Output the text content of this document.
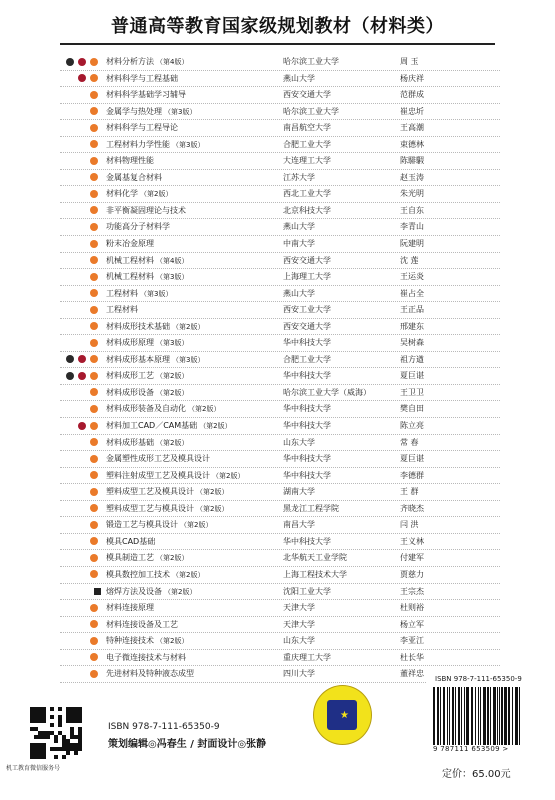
普通高等教育国家级规划教材（材料类）
材料分析方法 （第4版）	哈尔滨工业大学	周 玉
材料科学与工程基础	燕山大学	杨庆祥
材料科学基础学习辅导	西安交通大学	范群成
金属学与热处理 （第3版）	哈尔滨工业大学	崔忠圻
材料科学与工程导论	南昌航空大学	王高潮
工程材料力学性能 （第3版）	合肥工业大学	束德林
材料物理性能	大连理工大学	陈騑騢
金属基复合材料	江苏大学	赵玉涛
材料化学 （第2版）	西北工业大学	朱光明
非平衡凝固理论与技术	北京科技大学	王自东
功能高分子材料学	燕山大学	李青山
粉末冶金原理	中南大学	阮建明
机械工程材料 （第4版）	西安交通大学	沈 莲
机械工程材料 （第3版）	上海理工大学	王运炎
工程材料 （第3版）	燕山大学	崔占全
工程材料	西安工业大学	王正品
材料成形技术基础 （第2版）	西安交通大学	邢建东
材料成形原理 （第3版）	华中科技大学	吴树森
材料成形基本原理 （第3版）	合肥工业大学	祖方遒
材料成形工艺 （第2版）	华中科技大学	夏巨谌
材料成形设备 （第2版）	哈尔滨工业大学（威海）	王卫卫
材料成形装备及自动化 （第2版）	华中科技大学	樊自田
材料加工CAD／CAM基础 （第2版）	华中科技大学	陈立亮
材料成形基础 （第2版）	山东大学	常 春
金属塑性成形工艺及模具设计	华中科技大学	夏巨谌
塑料注射成型工艺及模具设计 （第2版）	华中科技大学	李德群
塑料成型工艺及模具设计 （第2版）	湖南大学	王 群
塑料成型工艺与模具设计 （第2版）	黑龙江工程学院	齐晓杰
锻造工艺与模具设计 （第2版）	南昌大学	闫 洪
模具CAD基础	华中科技大学	王义林
模具制造工艺 （第2版）	北华航天工业学院	付建军
模具数控加工技术 （第2版）	上海工程技术大学	贾慈力
熔焊方法及设备 （第2版）	沈阳工业大学	王宗杰
材料连接原理	天津大学	杜则裕
材料连接设备及工艺	天津大学	杨立军
特种连接技术 （第2版）	山东大学	李亚江
电子微连接技术与材料	重庆理工大学	杜长华
先进材料及特种液态成型	四川大学	董祥忠
机工教育微信服务号
ISBN 978-7-111-65350-9
策划编辑◎冯春生 / 封面设计◎张静
★
ISBN 978-7-111-65350-9
9 787111 653509 >
定价：65.00元
